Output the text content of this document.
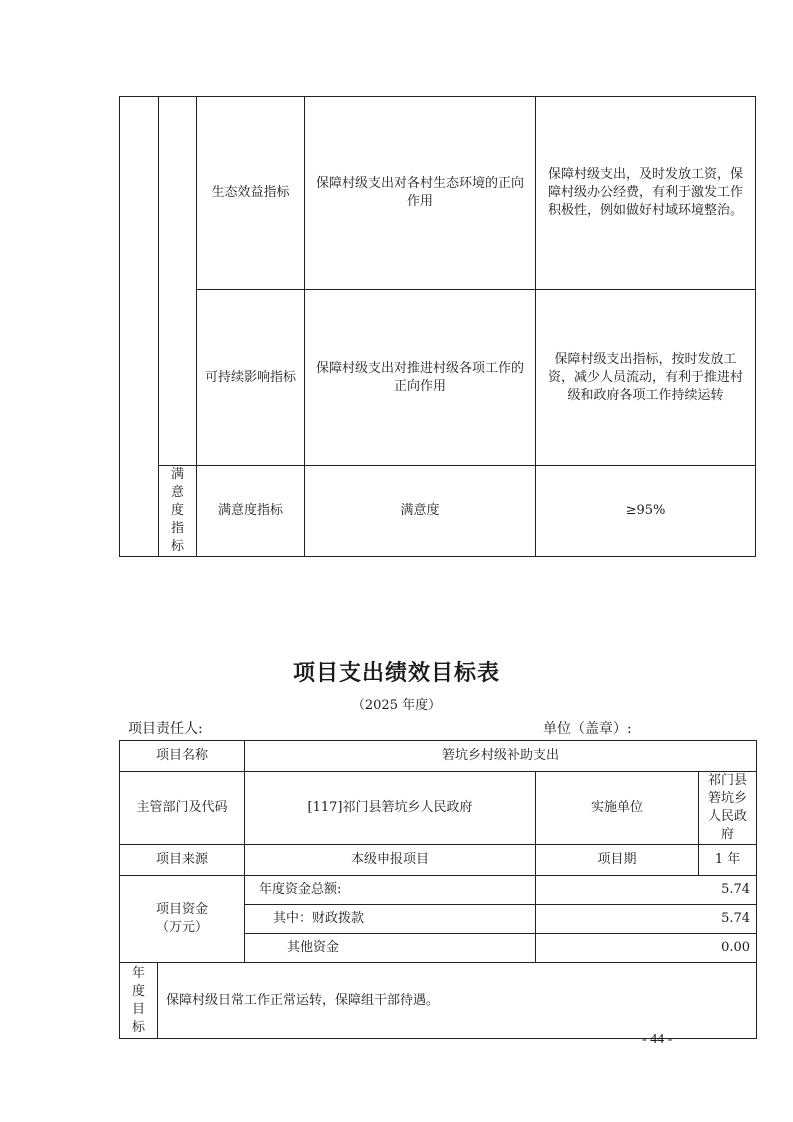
		生态效益指标	保障村级支出对各村生态环境的正向作用	保障村级支出，及时发放工资，保障村级办公经费，有利于激发工作积极性，例如做好村域环境整治。
		可持续影响指标	保障村级支出对推进村级各项工作的正向作用	保障村级支出指标，按时发放工资，减少人员流动，有利于推进村级和政府各项工作持续运转

	满意度指标	满意度指标	满意度	≥95%
项目支出绩效目标表
（2025 年度）
项目责任人:	单位（盖章）:
项目名称		箬坑乡村级补助支出		
主管部门及代码		[117]祁门县箬坑乡人民政府	实施单位	祁门县箬坑乡人民政府

项目来源		本级申报项目	项目期	1 年

项目资金
（万元）		年度资金总额:	5.74	
		其中：财政拨款	5.74	
		其他资金	0.00	

年度目标	保障村级日常工作正常运转，保障组干部待遇。			
- 44 -
